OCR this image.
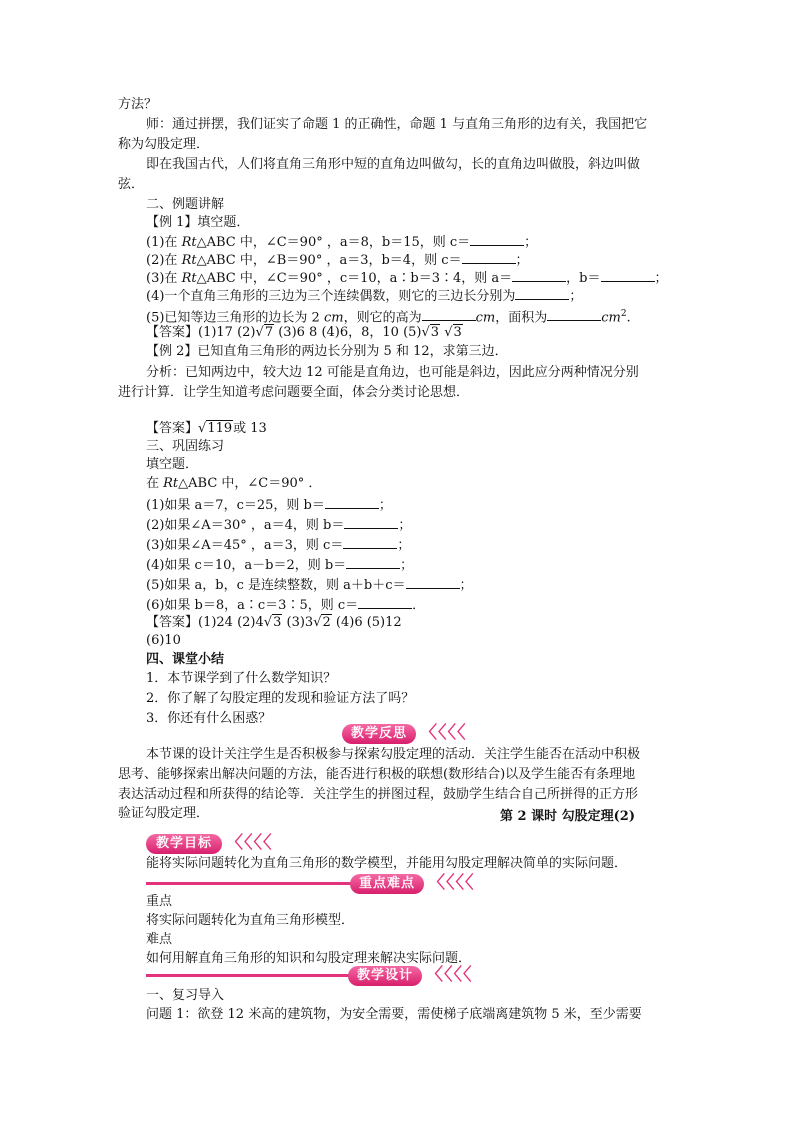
方法？
师：通过拼摆，我们证实了命题 1 的正确性，命题 1 与直角三角形的边有关，我国把它
称为勾股定理．
即在我国古代，人们将直角三角形中短的直角边叫做勾，长的直角边叫做股，斜边叫做
弦．
二、例题讲解
【例 1】填空题．
(1)在 Rt△ABC 中，∠C＝90° ，a＝8，b＝15，则 c＝	；
(2)在 Rt△ABC 中，∠B＝90° ，a＝3，b＝4，则 c＝	；
(3)在 Rt△ABC 中，∠C＝90° ，c＝10，a∶b＝3∶4，则 a＝	，b＝	；
(4)一个直角三角形的三边为三个连续偶数，则它的三边长分别为	；
(5)已知等边三角形的边长为 2 cm，则它的高为	cm，面积为	$cm^2$.
【答案】(1)17 (2)√7 (3)6 8 (4)6，8，10 (5)√3 √3
【例 2】已知直角三角形的两边长分别为 5 和 12，求第三边．
分析：已知两边中，较大边 12 可能是直角边，也可能是斜边，因此应分两种情况分别
进行计算．让学生知道考虑问题要全面，体会分类讨论思想．
【答案】√119或 13
三、巩固练习
填空题．
在 Rt△ABC 中，∠C＝90° ．
(1)如果 a＝7，c＝25，则 b＝	；
(2)如果∠A＝30° ，a＝4，则 b＝	；
(3)如果∠A＝45° ，a＝3，则 c＝	；
(4)如果 c＝10，a－b＝2，则 b＝	；
(5)如果 a，b，c 是连续整数，则 a＋b＋c＝	；
(6)如果 b＝8，a∶c＝3∶5，则 c＝	．
【答案】(1)24 (2)4√3 (3)3√2 (4)6 (5)12
(6)10
四、课堂小结
1．本节课学到了什么数学知识？
2．你了解了勾股定理的发现和验证方法了吗？
3．你还有什么困惑？
教学反思 〈〈〈〈
本节课的设计关注学生是否积极参与探索勾股定理的活动．关注学生能否在活动中积极
思考、能够探索出解决问题的方法，能否进行积极的联想(数形结合)以及学生能否有条理地
表达活动过程和所获得的结论等．关注学生的拼图过程，鼓励学生结合自己所拼得的正方形
验证勾股定理．	第 2 课时 勾股定理(2)
教学目标 〈〈〈〈
能将实际问题转化为直角三角形的数学模型，并能用勾股定理解决简单的实际问题．
重点难点 〈〈〈〈
重点
将实际问题转化为直角三角形模型．
难点
如何用解直角三角形的知识和勾股定理来解决实际问题．
教学设计 〈〈〈〈
一、复习导入
问题 1：欲登 12 米高的建筑物，为安全需要，需使梯子底端离建筑物 5 米，至少需要
